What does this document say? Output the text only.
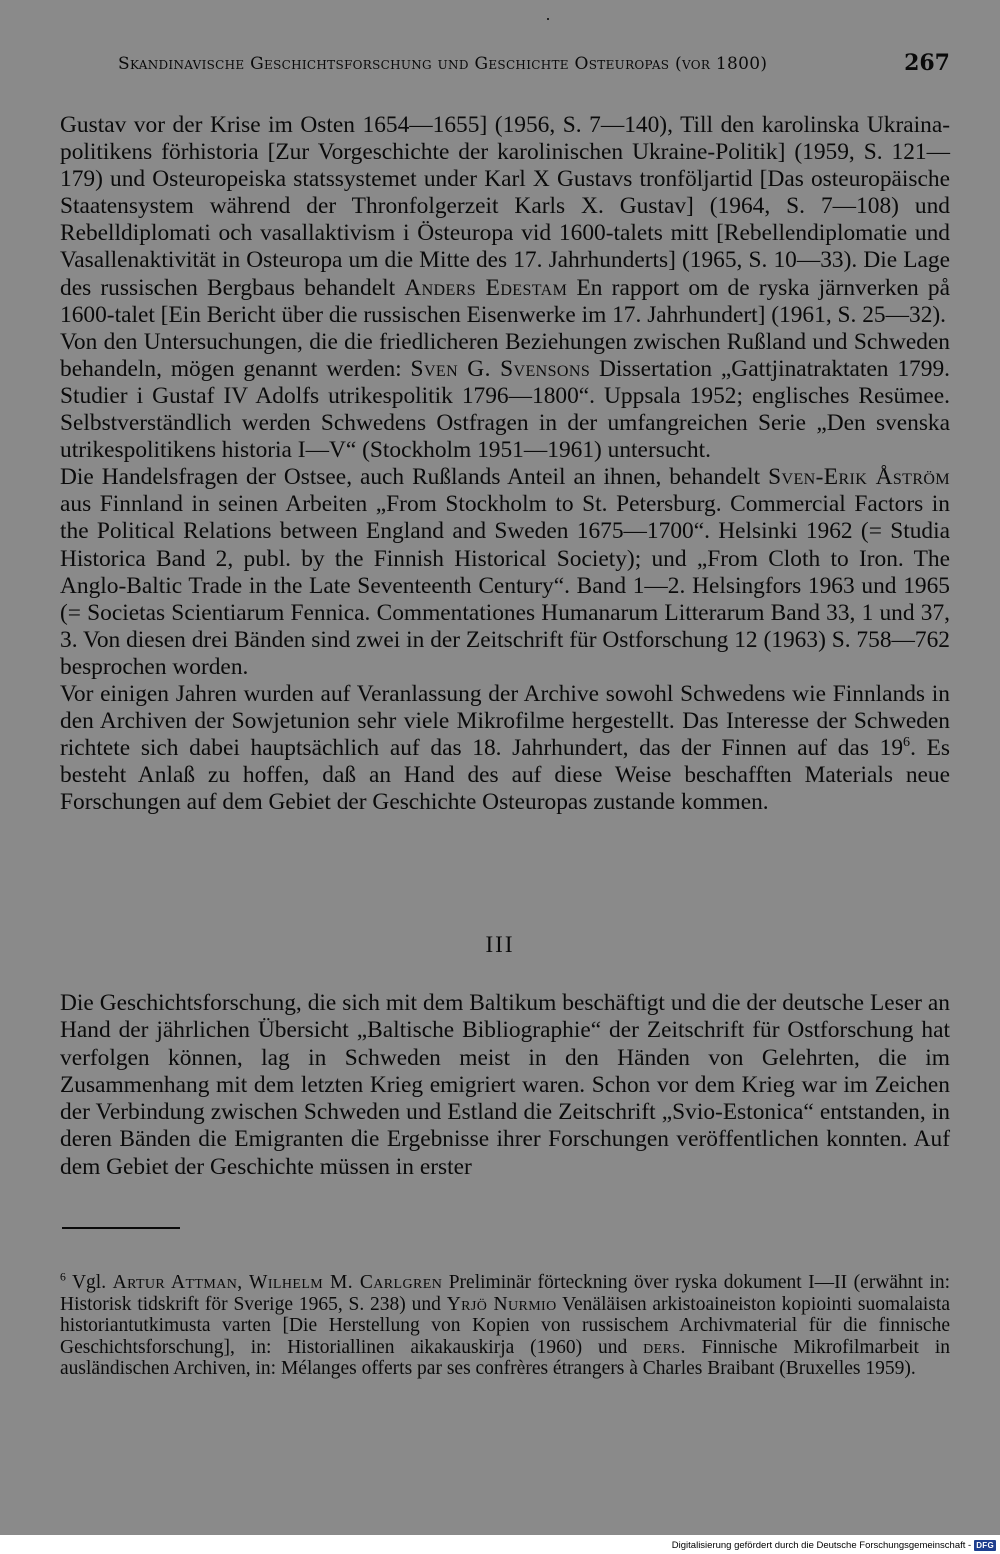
Skandinavische Geschichtsforschung und Geschichte Osteuropas (vor 1800)	267

Gustav vor der Krise im Osten 1654—1655] (1956, S. 7—140), Till den karolinska Ukraina-politikens förhistoria [Zur Vorgeschichte der karolinischen Ukraine-Politik] (1959, S. 121—179) und Osteuropeiska statssystemet under Karl X Gustavs tronföljartid [Das osteuropäische Staatensystem während der Thronfolgerzeit Karls X. Gustav] (1964, S. 7—108) und Rebelldiplomati och vasallaktivism i Östeuropa vid 1600-talets mitt [Rebellendiplomatie und Vasallenaktivität in Osteuropa um die Mitte des 17. Jahrhunderts] (1965, S. 10—33). Die Lage des russischen Bergbaus behandelt Anders Edestam En rapport om de ryska järnverken på 1600-talet [Ein Bericht über die russischen Eisenwerke im 17. Jahrhundert] (1961, S. 25—32).

Von den Untersuchungen, die die friedlicheren Beziehungen zwischen Rußland und Schweden behandeln, mögen genannt werden: Sven G. Svensons Dissertation „Gattjinatraktaten 1799. Studier i Gustaf IV Adolfs utrikespolitik 1796—1800“. Uppsala 1952; englisches Resümee. Selbstverständlich werden Schwedens Ostfragen in der umfangreichen Serie „Den svenska utrikespolitikens historia I—V“ (Stockholm 1951—1961) untersucht.

Die Handelsfragen der Ostsee, auch Rußlands Anteil an ihnen, behandelt Sven-Erik Åström aus Finnland in seinen Arbeiten „From Stockholm to St. Petersburg. Commercial Factors in the Political Relations between England and Sweden 1675—1700“. Helsinki 1962 (= Studia Historica Band 2, publ. by the Finnish Historical Society); und „From Cloth to Iron. The Anglo-Baltic Trade in the Late Seventeenth Century“. Band 1—2. Helsingfors 1963 und 1965 (= Societas Scientiarum Fennica. Commentationes Humanarum Litterarum Band 33, 1 und 37, 3. Von diesen drei Bänden sind zwei in der Zeitschrift für Ostforschung 12 (1963) S. 758—762 besprochen worden.

Vor einigen Jahren wurden auf Veranlassung der Archive sowohl Schwedens wie Finnlands in den Archiven der Sowjetunion sehr viele Mikrofilme hergestellt. Das Interesse der Schweden richtete sich dabei hauptsächlich auf das 18. Jahrhundert, das der Finnen auf das $19^6$. Es besteht Anlaß zu hoffen, daß an Hand des auf diese Weise beschafften Materials neue Forschungen auf dem Gebiet der Geschichte Osteuropas zustande kommen.

III

Die Geschichtsforschung, die sich mit dem Baltikum beschäftigt und die der deutsche Leser an Hand der jährlichen Übersicht „Baltische Bibliographie“ der Zeitschrift für Ostforschung hat verfolgen können, lag in Schweden meist in den Händen von Gelehrten, die im Zusammenhang mit dem letzten Krieg emigriert waren. Schon vor dem Krieg war im Zeichen der Verbindung zwischen Schweden und Estland die Zeitschrift „Svio-Estonica“ entstanden, in deren Bänden die Emigranten die Ergebnisse ihrer Forschungen veröffentlichen konnten. Auf dem Gebiet der Geschichte müssen in erster

$^6$ Vgl. Artur Attman, Wilhelm M. Carlgren Preliminär förteckning över ryska dokument I—II (erwähnt in: Historisk tidskrift för Sverige 1965, S. 238) und Yrjö Nurmio Venäläisen arkistoaineiston kopiointi suomalaista historiantutkimusta varten [Die Herstellung von Kopien von russischem Archivmaterial für die finnische Geschichtsforschung], in: Historiallinen aikakauskirja (1960) und ders. Finnische Mikrofilmarbeit in ausländischen Archiven, in: Mélanges offerts par ses confrères étrangers à Charles Braibant (Bruxelles 1959).

Digitalisierung gefördert durch die Deutsche Forschungsgemeinschaft - DFG
